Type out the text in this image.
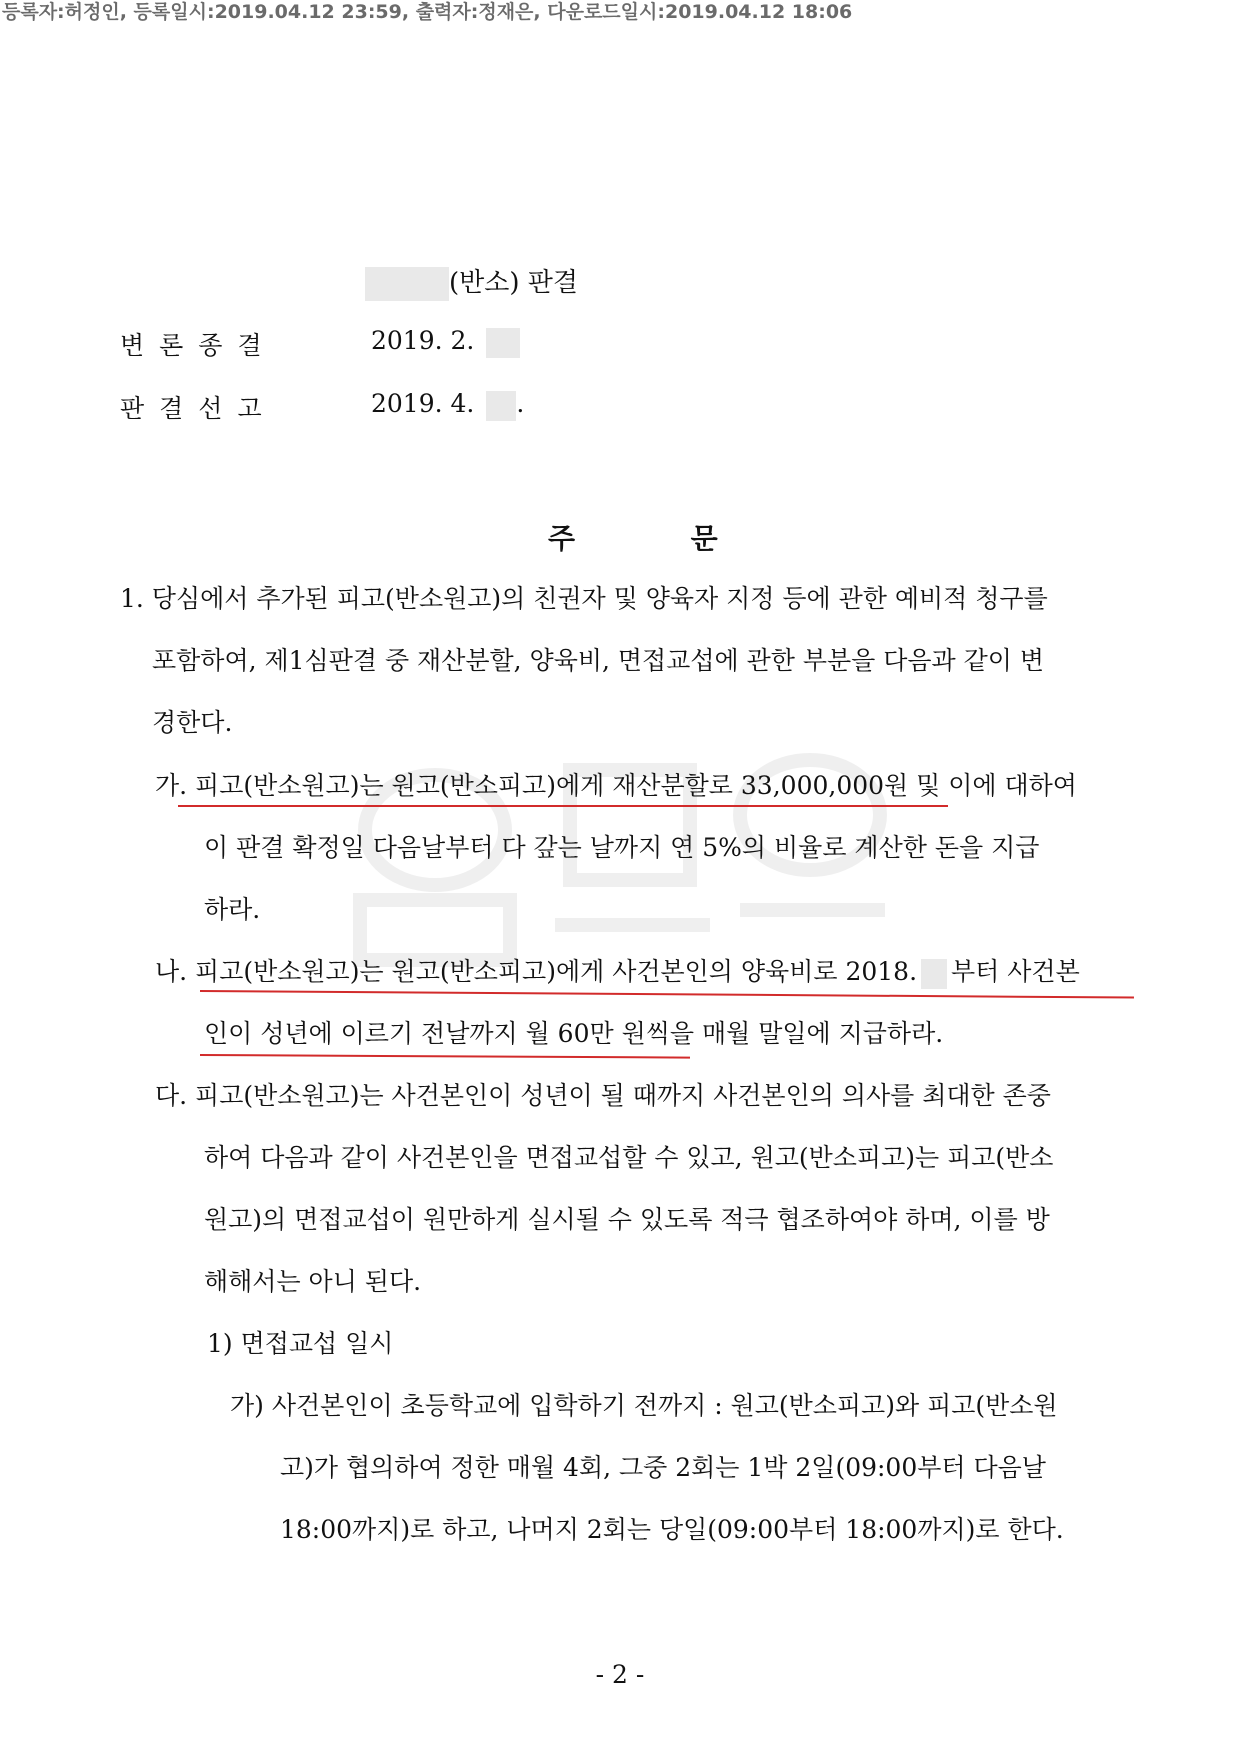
등록자:허정인, 등록일시:2019.04.12 23:59, 출력자:정재은, 다운로드일시:2019.04.12 18:06
(반소) 판결
변론종결	2019. 2.
판결선고	2019. 4. .
주	문
1. 당심에서 추가된 피고(반소원고)의 친권자 및 양육자 지정 등에 관한 예비적 청구를
포함하여, 제1심판결 중 재산분할, 양육비, 면접교섭에 관한 부분을 다음과 같이 변
경한다.
가. 피고(반소원고)는 원고(반소피고)에게 재산분할로 33,000,000원 및 이에 대하여
이 판결 확정일 다음날부터 다 갚는 날까지 연 5%의 비율로 계산한 돈을 지급
하라.
나. 피고(반소원고)는 원고(반소피고)에게 사건본인의 양육비로 2018. 부터 사건본
인이 성년에 이르기 전날까지 월 60만 원씩을 매월 말일에 지급하라.
다. 피고(반소원고)는 사건본인이 성년이 될 때까지 사건본인의 의사를 최대한 존중
하여 다음과 같이 사건본인을 면접교섭할 수 있고, 원고(반소피고)는 피고(반소
원고)의 면접교섭이 원만하게 실시될 수 있도록 적극 협조하여야 하며, 이를 방
해해서는 아니 된다.
1) 면접교섭 일시
가) 사건본인이 초등학교에 입학하기 전까지 : 원고(반소피고)와 피고(반소원
고)가 협의하여 정한 매월 4회, 그중 2회는 1박 2일(09:00부터 다음날
18:00까지)로 하고, 나머지 2회는 당일(09:00부터 18:00까지)로 한다.
- 2 -
